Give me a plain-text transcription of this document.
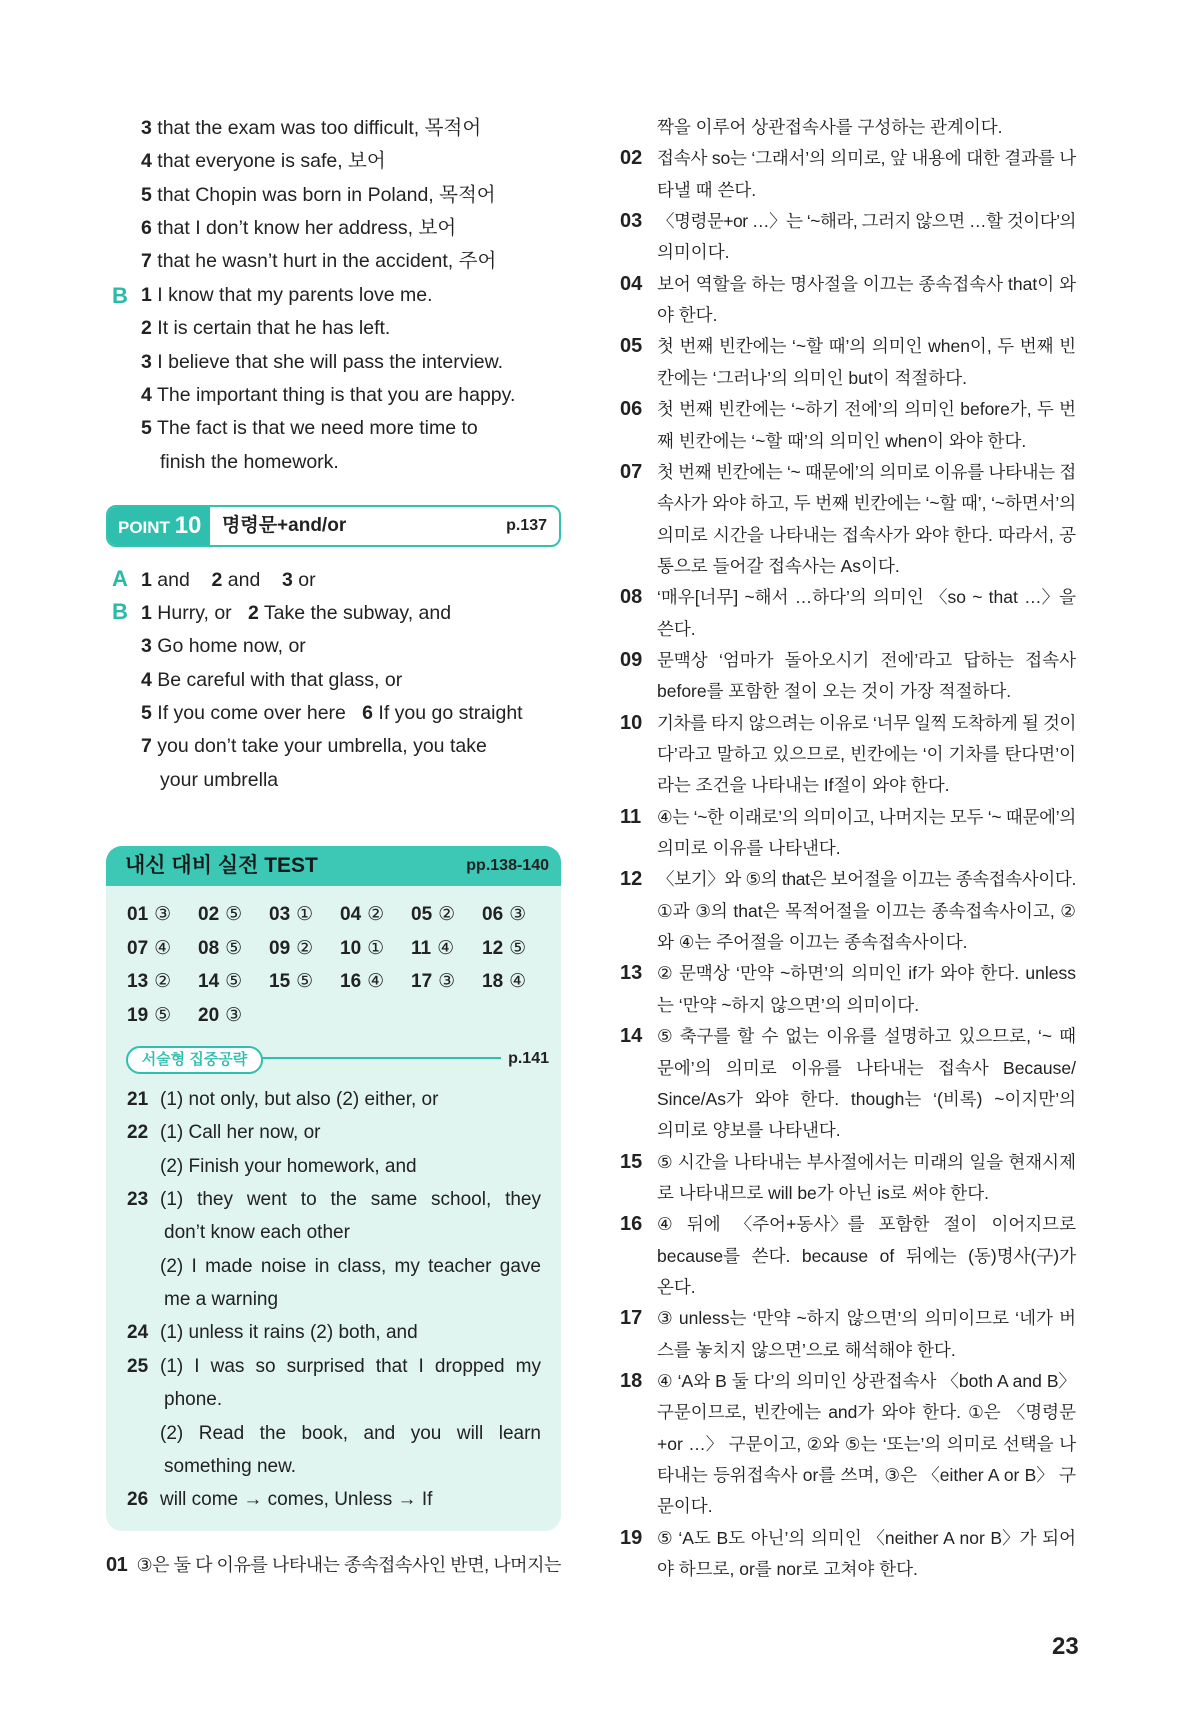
3 that the exam was too difficult, 목적어
4 that everyone is safe, 보어
5 that Chopin was born in Poland, 목적어
6 that I don’t know her address, 보어
7 that he wasn’t hurt in the accident, 주어
B 1 I know that my parents love me.
2 It is certain that he has left.
3 I believe that she will pass the interview.
4 The important thing is that you are happy.
5 The fact is that we need more time to
finish the homework.
POINT 10	명령문+and/or	p.137
A
B
1 and 2 and 3 or
1 Hurry, or 2 Take the subway, and
3 Go home now, or
4 Be careful with that glass, or
5 If you come over here 6 If you go straight
7 you don’t take your umbrella, you take
your umbrella
내신 대비 실전 TEST	pp.138-140
01 ③ 02 ⑤ 03 ① 04 ② 05 ② 06 ③
07 ④ 08 ⑤ 09 ② 10 ① 11 ④ 12 ⑤
13 ② 14 ⑤ 15 ⑤ 16 ④ 17 ③ 18 ④
19 ⑤ 20 ③
서술형 집중공략	p.141
21 (1) not only, but also (2) either, or
22 (1) Call her now, or
(2) Finish your homework, and
23 (1) they went to the same school, they
don’t know each other
(2) I made noise in class, my teacher gave
me a warning
24 (1) unless it rains (2) both, and
25 (1) I was so surprised that I dropped my
phone.
(2) Read the book, and you will learn
something new.
26 will come → comes, Unless → If
01 ③은 둘 다 이유를 나타내는 종속접속사인 반면, 나머지는
짝을 이루어 상관접속사를 구성하는 관계이다.
02 접속사 so는 ‘그래서’의 의미로, 앞 내용에 대한 결과를 나
타낼 때 쓴다.
03 〈명령문+or …〉는 ‘~해라, 그러지 않으면 …할 것이다’의
의미이다.
04 보어 역할을 하는 명사절을 이끄는 종속접속사 that이 와
야 한다.
05 첫 번째 빈칸에는 ‘~할 때’의 의미인 when이, 두 번째 빈
칸에는 ‘그러나’의 의미인 but이 적절하다.
06 첫 번째 빈칸에는 ‘~하기 전에’의 의미인 before가, 두 번
째 빈칸에는 ‘~할 때’의 의미인 when이 와야 한다.
07 첫 번째 빈칸에는 ‘~ 때문에’의 의미로 이유를 나타내는 접
속사가 와야 하고, 두 번째 빈칸에는 ‘~할 때’, ‘~하면서’의
의미로 시간을 나타내는 접속사가 와야 한다. 따라서, 공
통으로 들어갈 접속사는 As이다.
08 ‘매우[너무] ~해서 …하다’의 의미인 〈so ~ that …〉을
쓴다.
09 문맥상 ‘엄마가 돌아오시기 전에’라고 답하는 접속사
before를 포함한 절이 오는 것이 가장 적절하다.
10 기차를 타지 않으려는 이유로 ‘너무 일찍 도착하게 될 것이
다’라고 말하고 있으므로, 빈칸에는 ‘이 기차를 탄다면’이
라는 조건을 나타내는 If절이 와야 한다.
11 ④는 ‘~한 이래로’의 의미이고, 나머지는 모두 ‘~ 때문에’의
의미로 이유를 나타낸다.
12 〈보기〉와 ⑤의 that은 보어절을 이끄는 종속접속사이다.
①과 ③의 that은 목적어절을 이끄는 종속접속사이고, ②
와 ④는 주어절을 이끄는 종속접속사이다.
13 ② 문맥상 ‘만약 ~하면’의 의미인 if가 와야 한다. unless
는 ‘만약 ~하지 않으면’의 의미이다.
14 ⑤ 축구를 할 수 없는 이유를 설명하고 있으므로, ‘~ 때
문에’의 의미로 이유를 나타내는 접속사 Because/
Since/As가 와야 한다. though는 ‘(비록) ~이지만’의
의미로 양보를 나타낸다.
15 ⑤ 시간을 나타내는 부사절에서는 미래의 일을 현재시제
로 나타내므로 will be가 아닌 is로 써야 한다.
16 ④ 뒤에 〈주어+동사〉를 포함한 절이 이어지므로
because를 쓴다. because of 뒤에는 (동)명사(구)가
온다.
17 ③ unless는 ‘만약 ~하지 않으면’의 의미이므로 ‘네가 버
스를 놓치지 않으면’으로 해석해야 한다.
18 ④ ‘A와 B 둘 다’의 의미인 상관접속사 〈both A and B〉
구문이므로, 빈칸에는 and가 와야 한다. ①은 〈명령문
+or …〉 구문이고, ②와 ⑤는 ‘또는’의 의미로 선택을 나
타내는 등위접속사 or를 쓰며, ③은 〈either A or B〉 구
문이다.
19 ⑤ ‘A도 B도 아닌’의 의미인 〈neither A nor B〉가 되어
야 하므로, or를 nor로 고쳐야 한다.
23
